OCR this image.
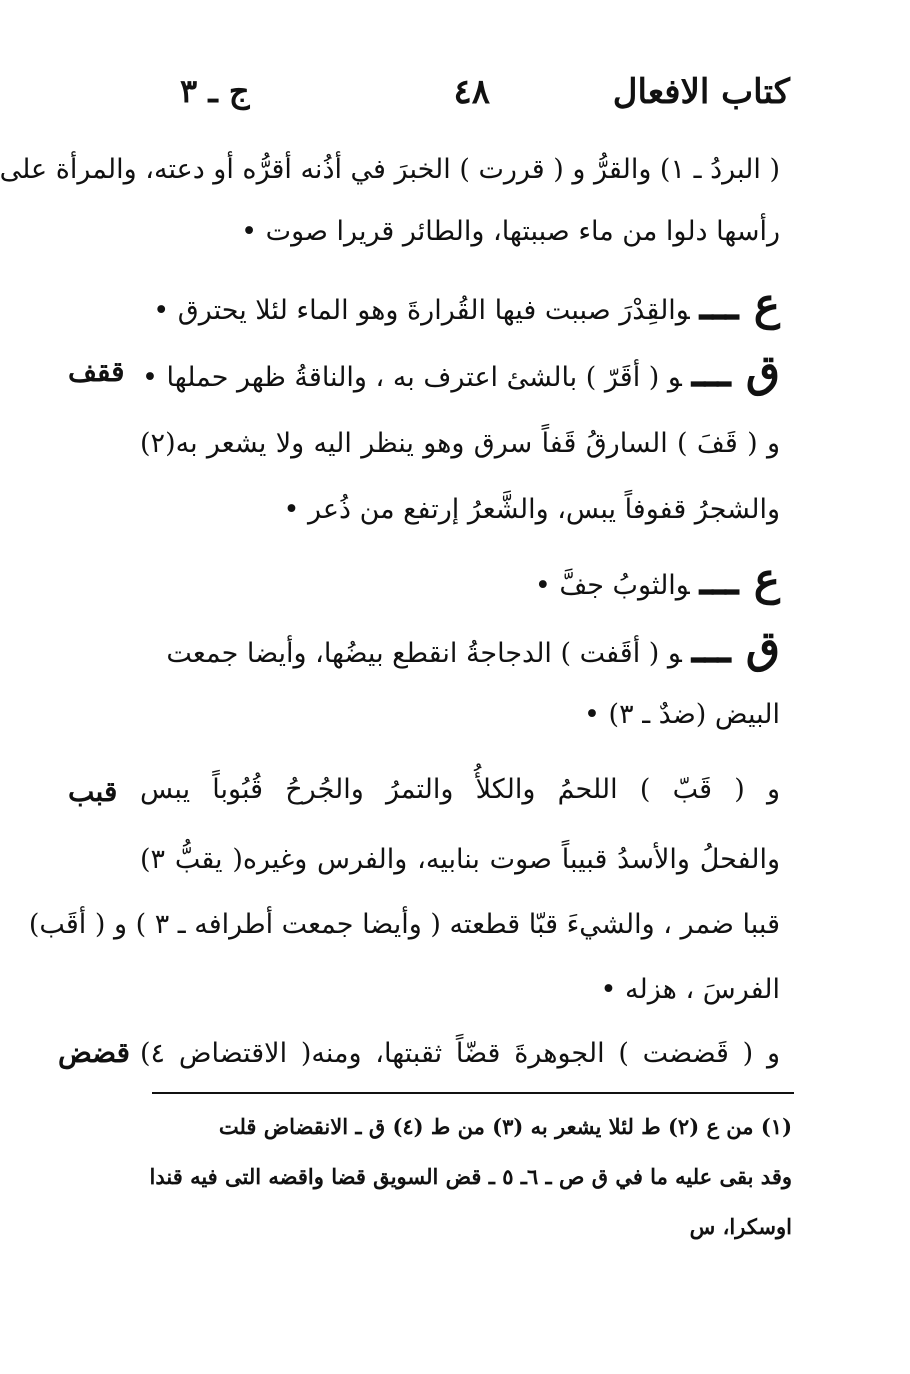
كتاب الافعال
٤٨
ج ـ ٣
( البردُ ـ ١) والقرُّ و ( قررت ) الخبرَ في أذُنه أقرُّه أو دعته، والمرأة على
رأسها دلوا من ماء صببتها، والطائر قريرا صوت •
ع ـــوالقِدْرَ صببت فيها القُرارةَ وهو الماء لئلا يحترق •
ق ـــو ( أقَرّ ) بالشئ اعترف به ، والناقةُ ظهر حملها •
ققف
و ( قَفَ ) السارقُ قَفاً سرق وهو ينظر اليه ولا يشعر به(٢)
والشجرُ قفوفاً يبس، والشَّعرُ إرتفع من ذُعر •
ع ـــوالثوبُ جفَّ •
ق ـــو ( أقَفت ) الدجاجةُ انقطع بيضُها، وأيضا جمعت
البيض (ضدٌ ـ ٣) •
و ( قَبّ ) اللحمُ والكلأُ والتمرُ والجُرحُ قُبُوباً يبس
قبب
والفحلُ والأسدُ قبيباً صوت بنابيه، والفرس وغيره( يقبُّ ٣)
قببا ضمر ، والشيءَ قبّا قطعته ( وأيضا جمعت أطرافه ـ ٣ ) و ( أقَب)
الفرسَ ، هزله •
و ( قَضضت ) الجوهرةَ قضّاً ثقبتها، ومنه( الاقتضاض ٤)
قضض
(١) من ع (٢) ط لئلا يشعر به (٣) من ط (٤) ق ـ الانقضاض قلت
وقد بقى عليه ما في ق ص ـ ٦ـ ٥ ـ قض السويق قضا واقضه التى فيه قندا
اوسكرا، س
